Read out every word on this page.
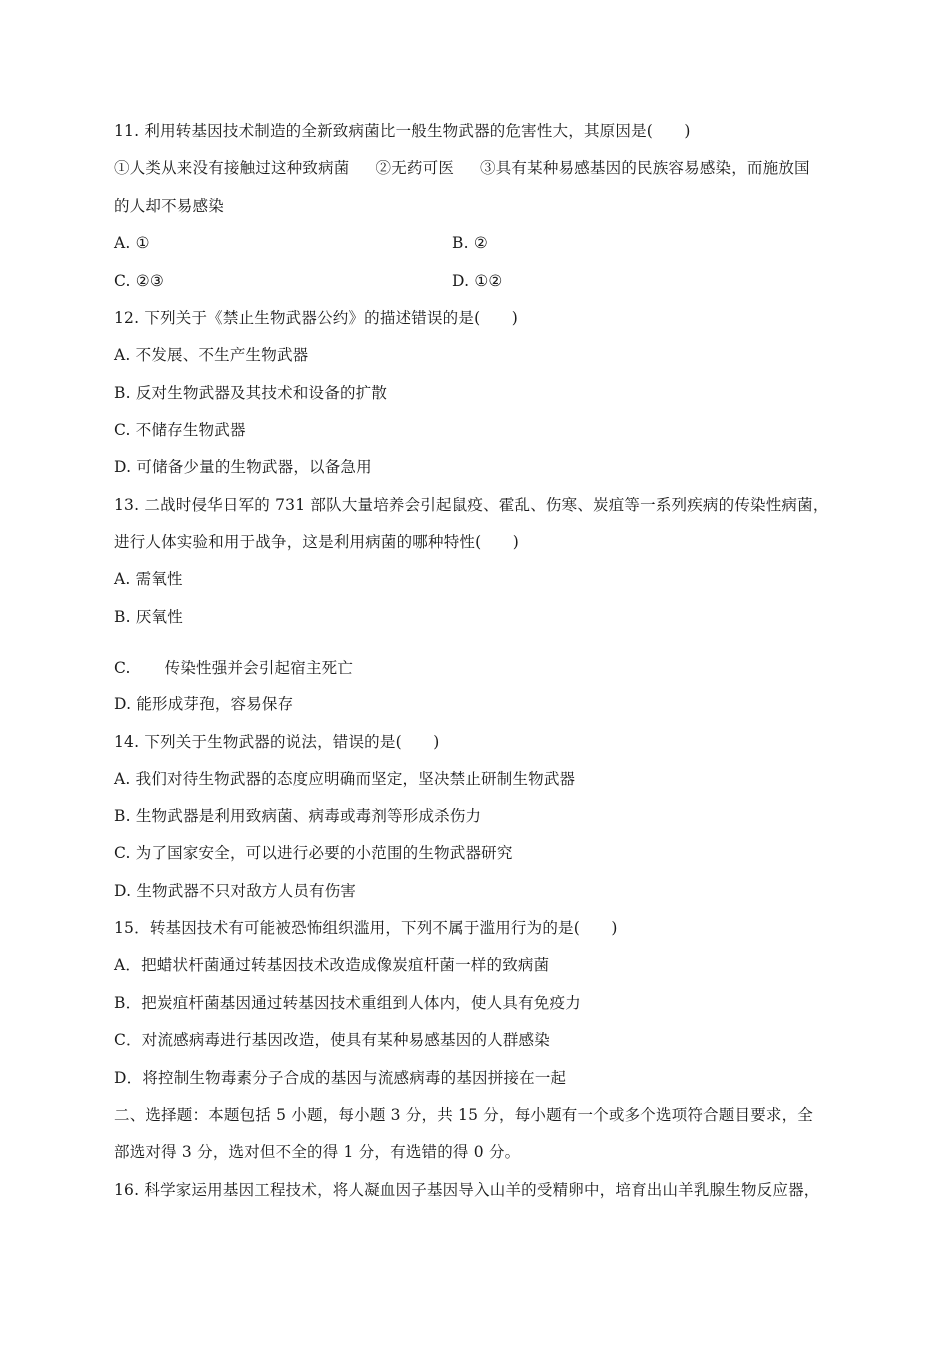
11. 利用转基因技术制造的全新致病菌比一般生物武器的危害性大，其原因是(　　)
①人类从来没有接触过这种致病菌 ②无药可医 ③具有某种易感基因的民族容易感染，而施放国
的人却不易感染
A. ①	B. ②
C. ②③	D. ①②
12. 下列关于《禁止生物武器公约》的描述错误的是(　　)
A. 不发展、不生产生物武器
B. 反对生物武器及其技术和设备的扩散
C. 不储存生物武器
D. 可储备少量的生物武器，以备急用
13. 二战时侵华日军的 731 部队大量培养会引起鼠疫、霍乱、伤寒、炭疽等一系列疾病的传染性病菌，
进行人体实验和用于战争，这是利用病菌的哪种特性(　　)
A. 需氧性
B. 厌氧性
C. 传染性强并会引起宿主死亡
D. 能形成芽孢，容易保存
14. 下列关于生物武器的说法，错误的是(　　)
A. 我们对待生物武器的态度应明确而坚定，坚决禁止研制生物武器
B. 生物武器是利用致病菌、病毒或毒剂等形成杀伤力
C. 为了国家安全，可以进行必要的小范围的生物武器研究
D. 生物武器不只对敌方人员有伤害
15．转基因技术有可能被恐怖组织滥用，下列不属于滥用行为的是(　　)
A．把蜡状杆菌通过转基因技术改造成像炭疽杆菌一样的致病菌
B．把炭疽杆菌基因通过转基因技术重组到人体内，使人具有免疫力
C．对流感病毒进行基因改造，使具有某种易感基因的人群感染
D．将控制生物毒素分子合成的基因与流感病毒的基因拼接在一起
二、选择题：本题包括 5 小题，每小题 3 分，共 15 分，每小题有一个或多个选项符合题目要求，全
部选对得 3 分，选对但不全的得 1 分，有选错的得 0 分。
16. 科学家运用基因工程技术，将人凝血因子基因导入山羊的受精卵中，培育出山羊乳腺生物反应器，
